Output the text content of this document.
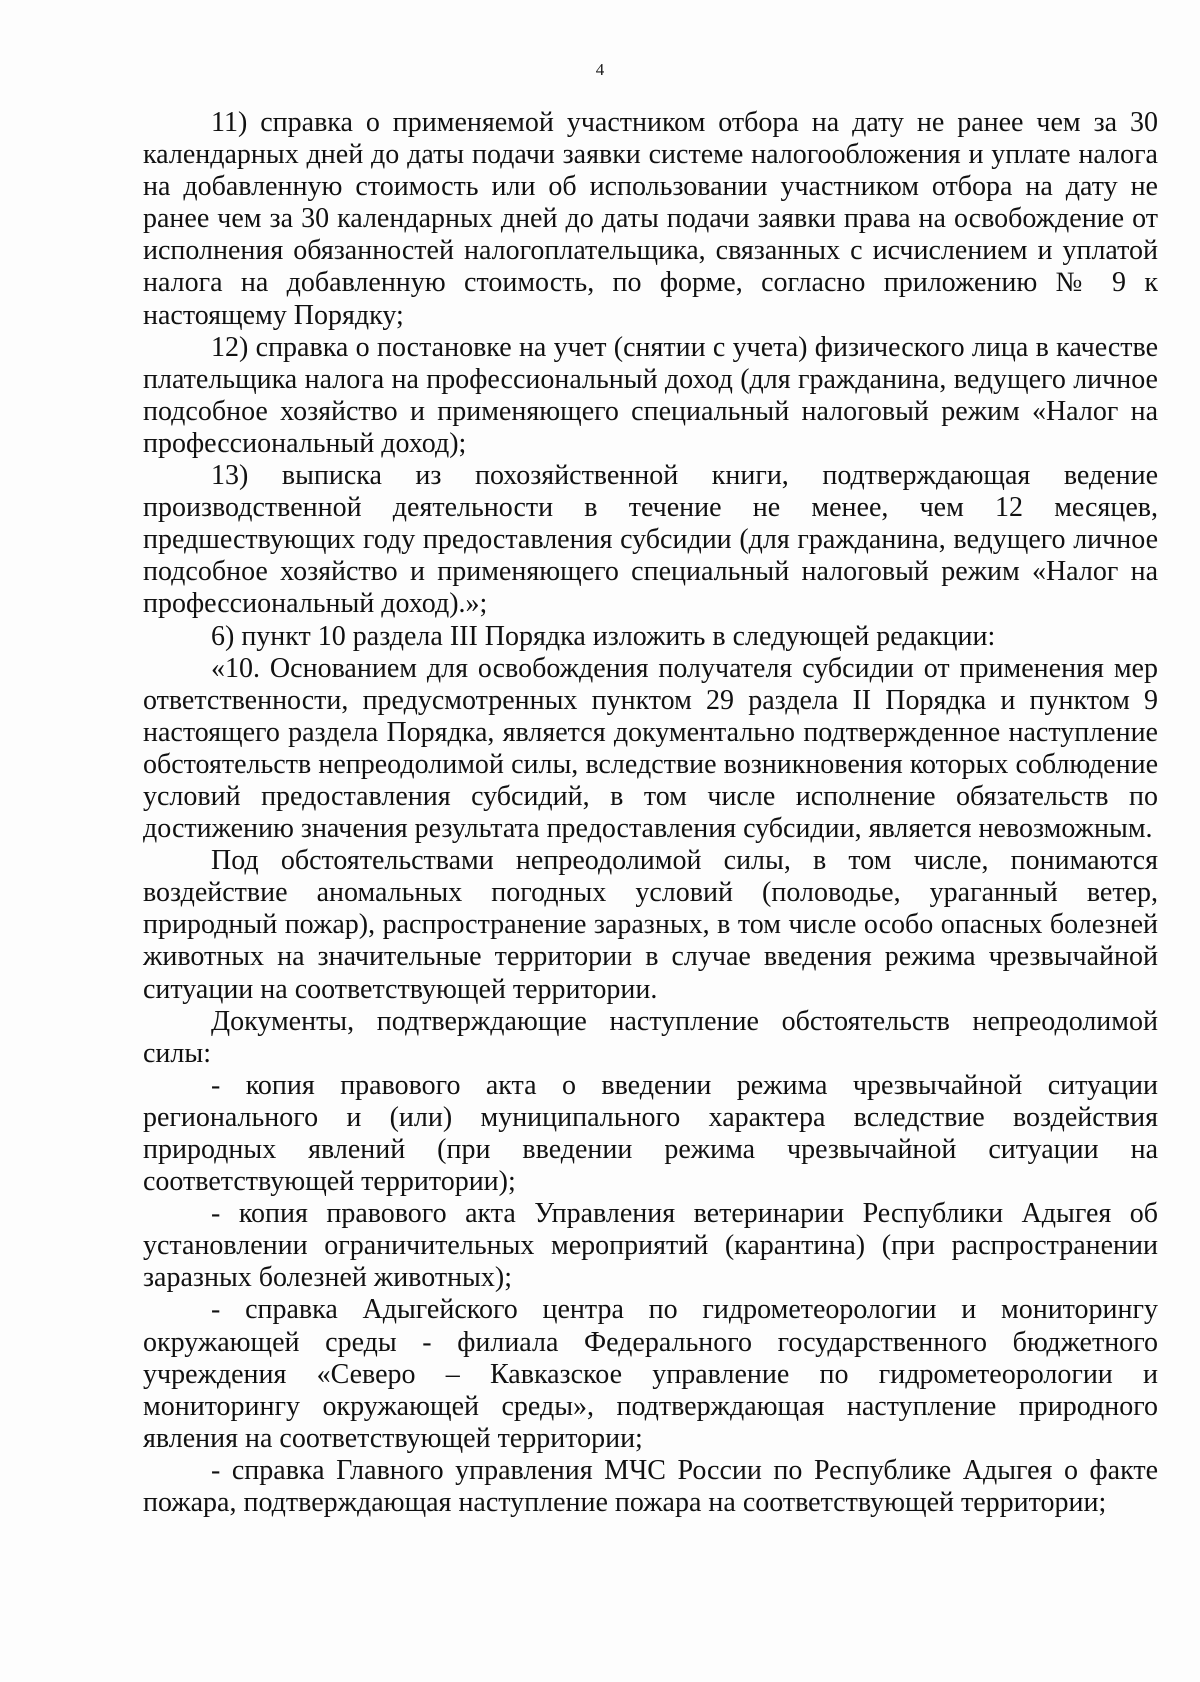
4

11) справка о применяемой участником отбора на дату не ранее чем за 30 календарных дней до даты подачи заявки системе налогообложения и уплате налога на добавленную стоимость или об использовании участником отбора на дату не ранее чем за 30 календарных дней до даты подачи заявки права на освобождение от исполнения обязанностей налогоплательщика, связанных с исчислением и уплатой налога на добавленную стоимость, по форме, согласно приложению № 9 к настоящему Порядку;

12) справка о постановке на учет (снятии с учета) физического лица в качестве плательщика налога на профессиональный доход (для гражданина, ведущего личное подсобное хозяйство и применяющего специальный налоговый режим «Налог на профессиональный доход);

13) выписка из похозяйственной книги, подтверждающая ведение производственной деятельности в течение не менее, чем 12 месяцев, предшествующих году предоставления субсидии (для гражданина, ведущего личное подсобное хозяйство и применяющего специальный налоговый режим «Налог на профессиональный доход).»;

6) пункт 10 раздела III Порядка изложить в следующей редакции:

«10. Основанием для освобождения получателя субсидии от применения мер ответственности, предусмотренных пунктом 29 раздела II Порядка и пунктом 9 настоящего раздела Порядка, является документально подтвержденное наступление обстоятельств непреодолимой силы, вследствие возникновения которых соблюдение условий предоставления субсидий, в том числе исполнение обязательств по достижению значения результата предоставления субсидии, является невозможным.

Под обстоятельствами непреодолимой силы, в том числе, понимаются воздействие аномальных погодных условий (половодье, ураганный ветер, природный пожар), распространение заразных, в том числе особо опасных болезней животных на значительные территории в случае введения режима чрезвычайной ситуации на соответствующей территории.

Документы, подтверждающие наступление обстоятельств непреодолимой силы:

- копия правового акта о введении режима чрезвычайной ситуации регионального и (или) муниципального характера вследствие воздействия природных явлений (при введении режима чрезвычайной ситуации на соответствующей территории);

- копия правового акта Управления ветеринарии Республики Адыгея об установлении ограничительных мероприятий (карантина) (при распространении заразных болезней животных);

- справка Адыгейского центра по гидрометеорологии и мониторингу окружающей среды - филиала Федерального государственного бюджетного учреждения «Северо – Кавказское управление по гидрометеорологии и мониторингу окружающей среды», подтверждающая наступление природного явления на соответствующей территории;

- справка Главного управления МЧС России по Республике Адыгея о факте пожара, подтверждающая наступление пожара на соответствующей территории;
